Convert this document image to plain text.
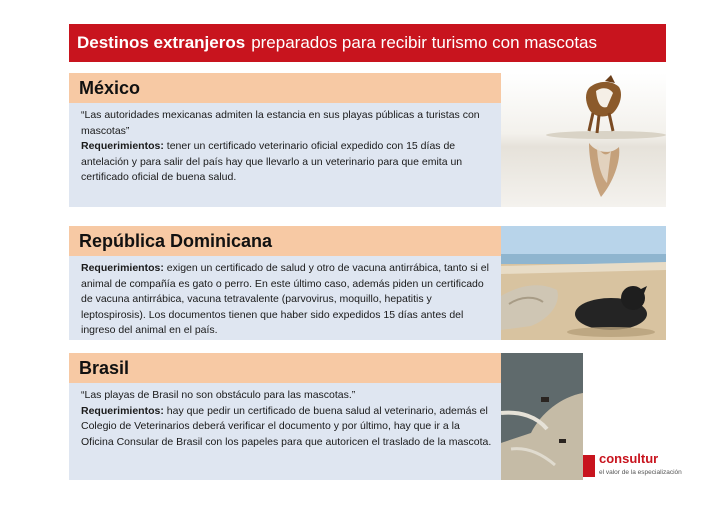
Destinos extranjeros preparados para recibir turismo con mascotas
México

“Las autoridades mexicanas admiten la estancia en sus playas públicas a turistas con mascotas”

Requerimientos: tener un certificado veterinario oficial expedido con 15 días de antelación y para salir del país hay que llevarlo a un veterinario para que emita un certificado oficial de buena salud.

República Dominicana

Requerimientos: exigen un certificado de salud y otro de vacuna antirrábica, tanto si el animal de compañía es gato o perro. En este último caso, además piden un certificado de vacuna antirrábica, vacuna tetravalente (parvovirus, moquillo, hepatitis y leptospirosis). Los documentos tienen que haber sido expedidos 15 días antes del ingreso del animal en el país.

Brasil

“Las playas de Brasil no son obstáculo para las mascotas.”

Requerimientos: hay que pedir un certificado de buena salud al veterinario, además el Colegio de Veterinarios deberá verificar el documento y por último, hay que ir a la Oficina Consular de Brasil con los papeles para que autoricen el traslado de la mascota.

consultur
el valor de la especialización
